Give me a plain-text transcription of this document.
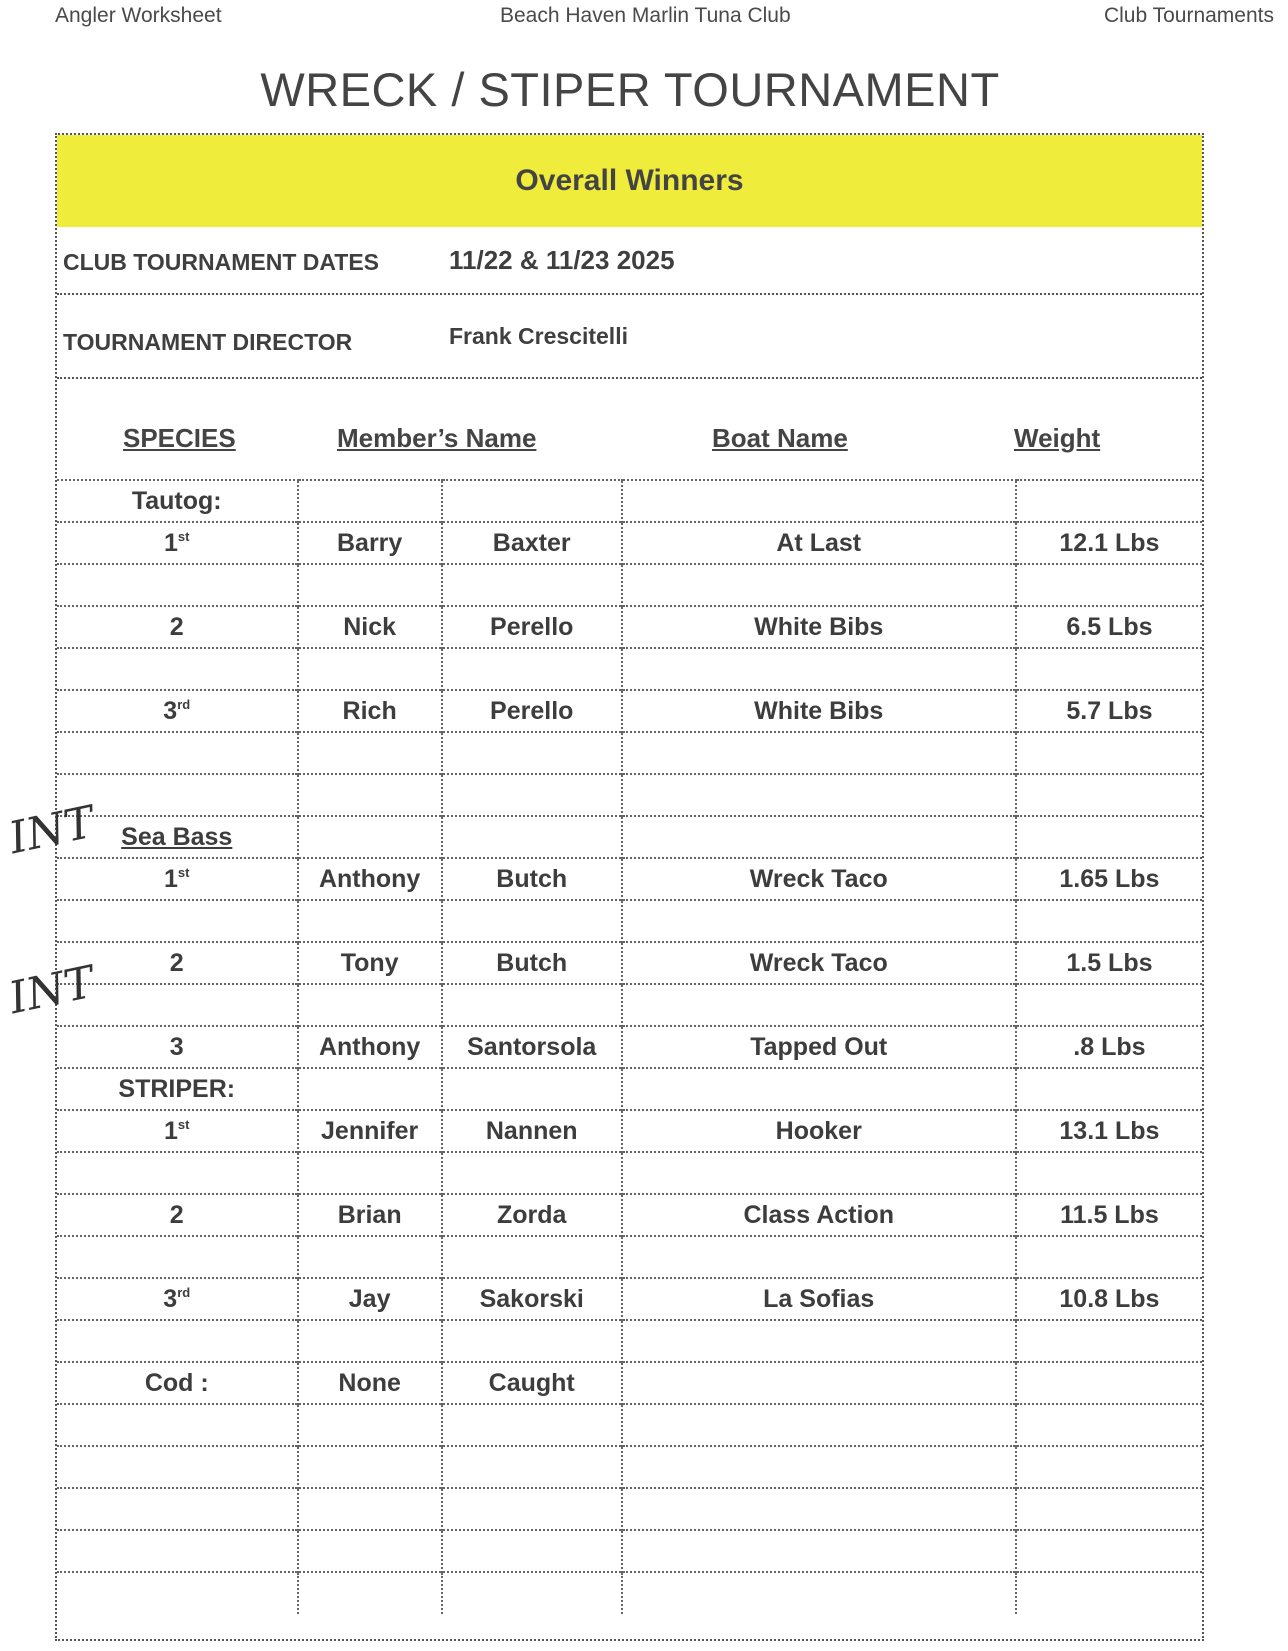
Angler Worksheet	Beach Haven Marlin Tuna Club	Club Tournaments
WRECK / STIPER TOURNAMENT
Overall Winners
CLUB TOURNAMENT DATES	11/22 & 11/23 2025
TOURNAMENT DIRECTOR	Frank Crescitelli
SPECIES	Member’s Name	Boat Name	Weight
Tautog:				
1st	Barry	Baxter	At Last	12.1 Lbs

2	Nick	Perello	White Bibs	6.5 Lbs

3rd	Rich	Perello	White Bibs	5.7 Lbs

Sea Bass				
1st	Anthony	Butch	Wreck Taco	1.65 Lbs

2	Tony	Butch	Wreck Taco	1.5 Lbs

3	Anthony	Santorsola	Tapped Out	.8 Lbs
STRIPER:				
1st	Jennifer	Nannen	Hooker	13.1 Lbs

2	Brian	Zorda	Class Action	11.5 Lbs

3rd	Jay	Sakorski	La Sofias	10.8 Lbs

Cod :	None	Caught		

INT
INT
